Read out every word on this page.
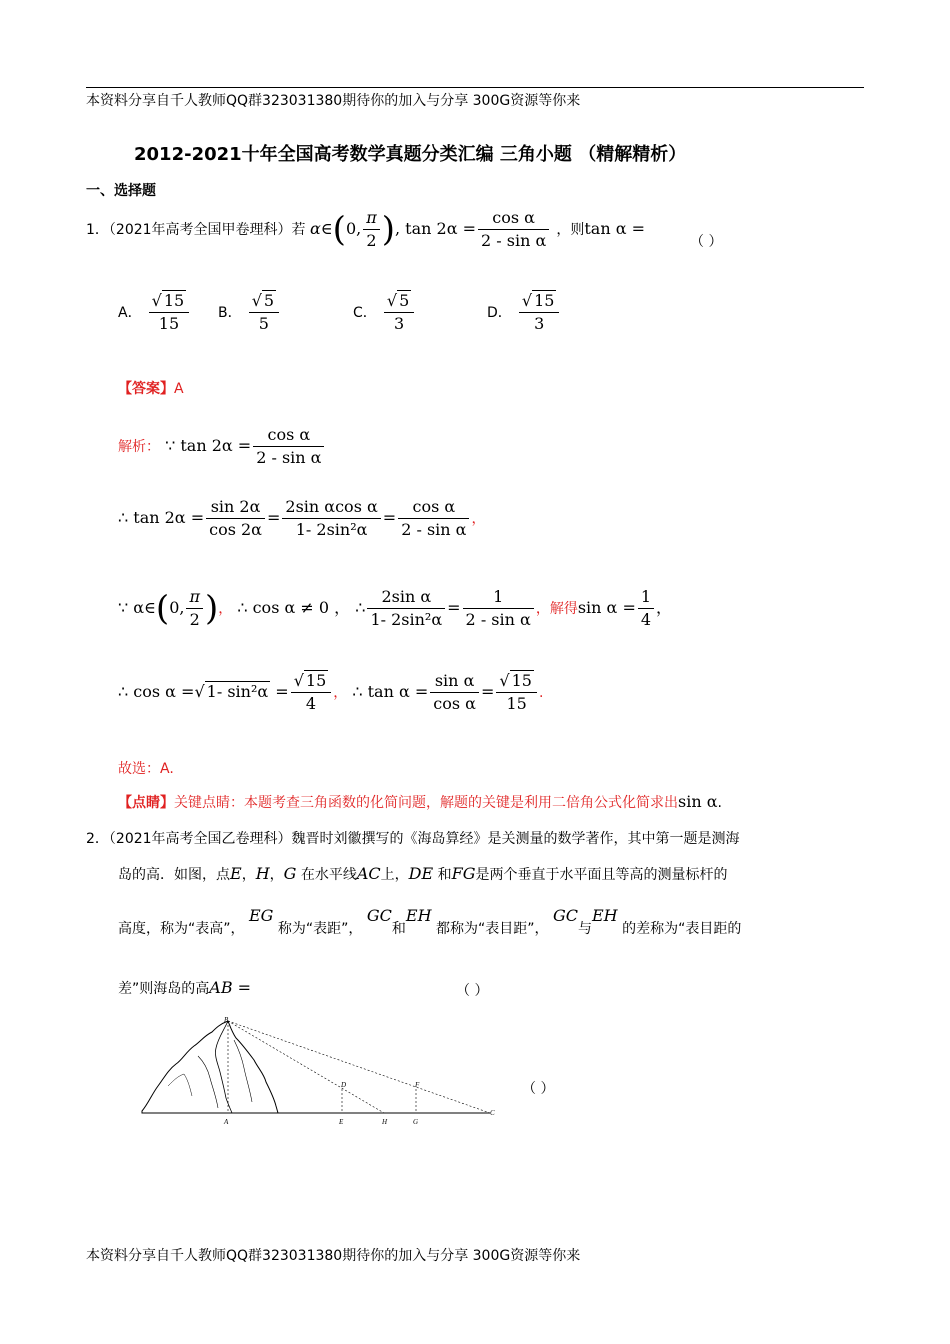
本资料分享自千人教师QQ群323031380期待你的加入与分享 300G资源等你来
2012-2021十年全国高考数学真题分类汇编 三角小题 （精解精析）
一、选择题
1．（2021年高考全国甲卷理科）若 α∈(0, $\frac{\pi}{2}$ ), $\tan 2\alpha = \frac{\text{cos α}}{\text{2 - sin α}}$ ，则tan α =
（ ）
A． $\frac{√ 15}{15}$ B． $\frac{√ 5}{5}$	C． $\frac{√ 5}{3}$	D． $\frac{√ 15}{3}$
【答案】A
解析： ∵ $\tan 2\alpha = \frac{\text{cos α}}{\text{2 - sin α}}$
∴ $\tan 2\alpha = \frac{\sin 2\alpha}{\cos 2\alpha} = \frac{\text{2sin αcos α}}{\text{1- 2sin²α}} = \frac{\text{cos α}}{\text{2 - sin α}}$ ，
∵ α∈(0, $\frac{\pi}{2}$ )， ∴ cos α ≠ 0 ， ∴ $\frac{\text{2sin α}}{\text{1- 2sin²α}} = \frac{1}{\text{2 - sin α}}$ ，解得$\sin \alpha = \frac{1}{4}$ ，
∴ cos α =√ 1- $\sin^2\alpha = \frac{√ 15}{4}$ ， ∴ $\tan \alpha = \frac{\text{sin α}}{\text{cos α}} = \frac{√ 15}{15}$ .
故选：A.
【点睛】关键点睛：本题考查三角函数的化简问题，解题的关键是利用二倍角公式化简求出sin α.
2．（2021年高考全国乙卷理科）魏晋时刘徽撰写的《海岛算经》是关测量的数学著作，其中第一题是测海
岛的高．如图，点E，H，G 在水平线AC上，DE 和FG是两个垂直于水平面且等高的测量标杆的
高度，称为“表高”， EG 称为“表距”， GC和EH 都称为“表目距”， GC与EH 的差称为“表目距的
差”则海岛的高AB =	（ ）
B
D	F
A	E	H	G
C
（ ）
本资料分享自千人教师QQ群323031380期待你的加入与分享 300G资源等你来
